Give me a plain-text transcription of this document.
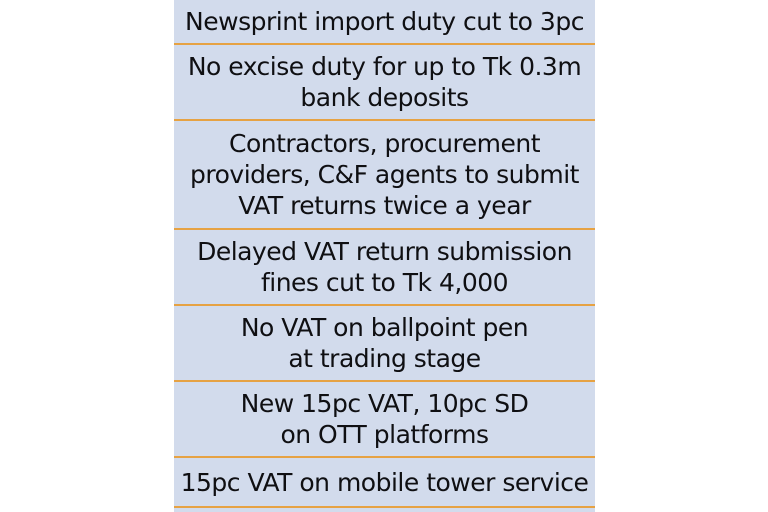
Newsprint import duty cut to 3pc
No excise duty for up to Tk 0.3m
bank deposits
Contractors, procurement
providers, C&F agents to submit
VAT returns twice a year
Delayed VAT return submission
fines cut to Tk 4,000
No VAT on ballpoint pen
at trading stage
New 15pc VAT, 10pc SD
on OTT platforms
15pc VAT on mobile tower service
